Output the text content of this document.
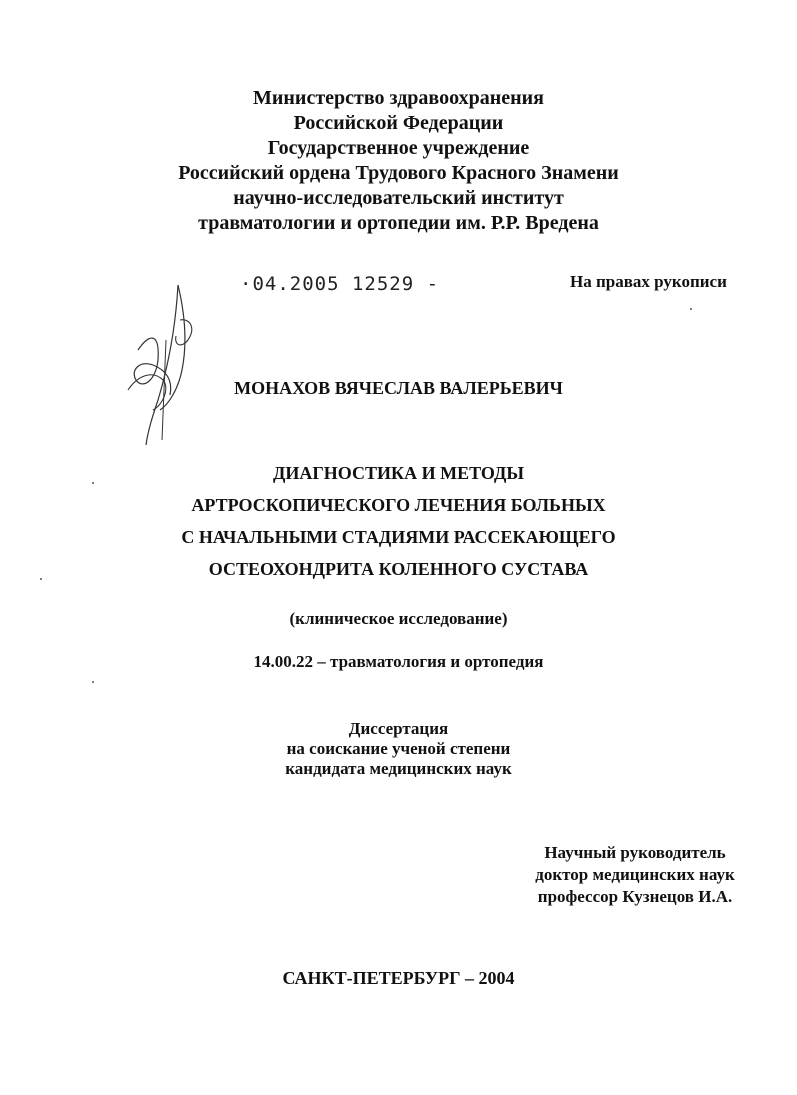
Министерство здравоохранения
Российской Федерации
Государственное учреждение
Российский ордена Трудового Красного Знамени
научно-исследовательский институт
травматологии и ортопедии им. Р.Р. Вредена
·04.2005 12529 -	На правах рукописи
МОНАХОВ ВЯЧЕСЛАВ ВАЛЕРЬЕВИЧ
ДИАГНОСТИКА И МЕТОДЫ
АРТРОСКОПИЧЕСКОГО ЛЕЧЕНИЯ БОЛЬНЫХ
С НАЧАЛЬНЫМИ СТАДИЯМИ РАССЕКАЮЩЕГО
ОСТЕОХОНДРИТА КОЛЕННОГО СУСТАВА
(клиническое исследование)
14.00.22 – травматология и ортопедия
Диссертация
на соискание ученой степени
кандидата медицинских наук
Научный руководитель
доктор медицинских наук
профессор Кузнецов И.А.
САНКТ-ПЕТЕРБУРГ – 2004
